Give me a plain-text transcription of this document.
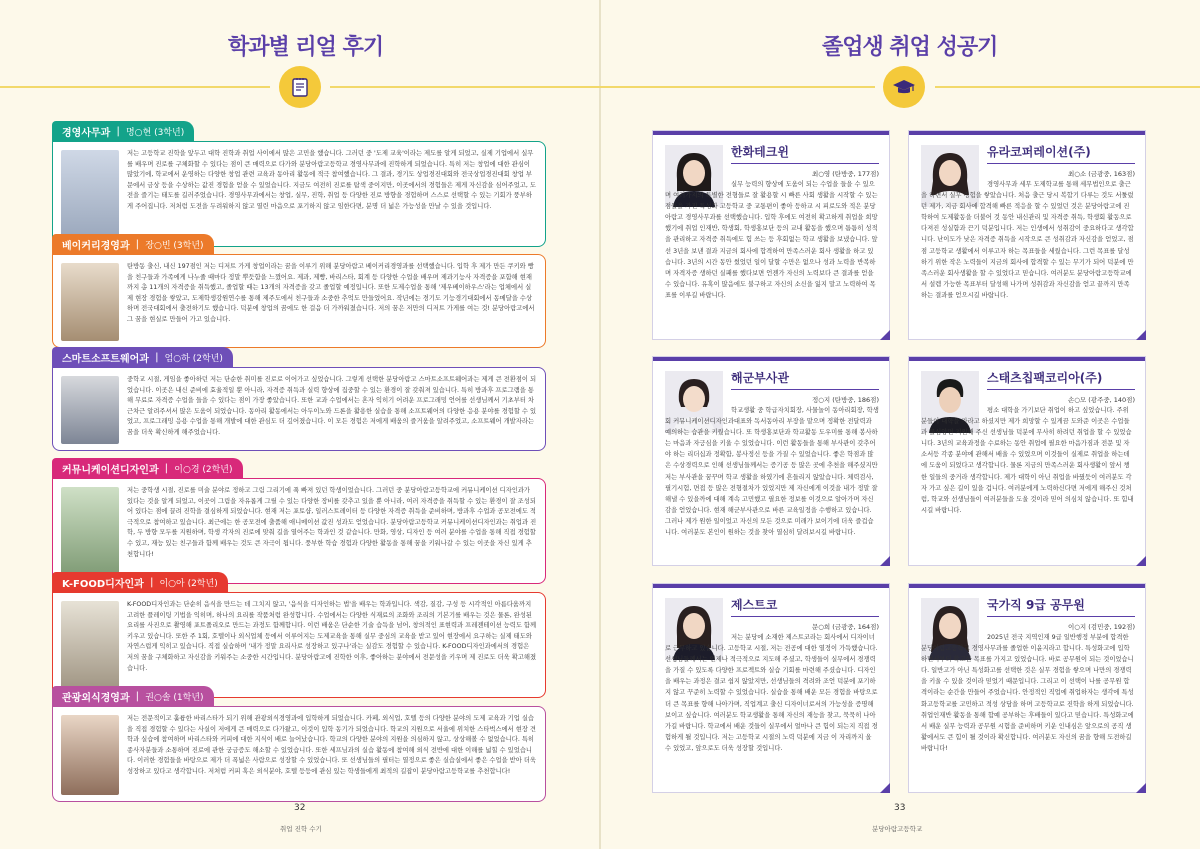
학과별 리얼 후기
경영사무과 | 명○현 (3학년)
저는 고등학교 진학을 앞두고 대학 진학과 취업 사이에서 많은 고민을 했습니다. 그러던 중 '도제 교육'이라는 제도를 알게 되었고, 실제 기업에서 실무를 배우며 진로를 구체화할 수 있다는 점이 큰 매력으로 다가와 분당아람고등학교 경영사무과에 진학하게 되었습니다. 특히 저는 창업에 대한 관심이 많았기에, 학교에서 운영하는 다양한 창업 관련 교육과 동아리 활동에 적극 참여했습니다. 그 결과, 경기도 상업경진대회와 전국상업경진대회 창업 부문에서 금상 등을 수상하는 값진 경험을 얻을 수 있었습니다. 지금도 여전히 진로를 탐색 중이지만, 이곳에서의 경험들은 제게 자신감을 심어주었고, 도전을 즐기는 태도를 길러주었습니다. 경영사무과에서는 창업, 실무, 진학, 취업 등 다양한 진로 방향을 경험하며 스스로 선택할 수 있는 기회가 풍부하게 주어집니다. 저처럼 도전을 두려워하지 않고 열린 마음으로 포기하지 않고 임한다면, 분명 더 넓은 가능성을 만날 수 있을 것입니다.
베이커리경영과 | 장○빈 (3학년)
탄방동 출신, 내신 197점인 저는 디저트 가게 창업이라는 꿈을 이루기 위해 분당아람고 베이커리경영과를 선택했습니다. 입학 후 제가 만든 쿠키와 빵을 친구들과 가족에게 나누줄 때마다 정말 뿌듯함을 느꼈어요. 제과, 제빵, 바리스타, 회계 등 다양한 수업을 배우며 제과기능사 자격증을 포함해 현재까지 총 11개의 자격증을 취득했고, 졸업할 때는 13개의 자격증을 갖고 졸업할 예정입니다. 또한 도제수업을 통해 '제우베이하우스'라는 업체에서 실제 현장 경험을 쌓았고, 도제학생강원연수를 통해 제주도에서 친구들과 소중한 추억도 만들었어요. 작년에는 경기도 기능경기대회에서 동메달을 수상하며 전국대회에서 출전하기도 했습니다. 덕분에 창업의 꿈에도 한 걸음 더 가까워졌습니다. 저의 꿈은 저만의 디저트 가게를 여는 것! 분당아람고에서 그 꿈을 현실로 만들어 가고 있습니다.
스마트소프트웨어과 | 엄○하 (2학년)
중학교 시절, 게임을 좋아하던 저는 단순한 취미를 진로로 이어가고 싶었습니다. 그렇게 선택한 분당아람고 스마트소프트웨어과는 제게 큰 전환점이 되었습니다. 이곳은 내신 준비에 효율적일 뿐 아니라, 자격증 취득과 실력 향상에 집중할 수 있는 환경이 잘 갖춰져 있습니다. 특히 방과후 프로그램을 통해 무료로 자격증 수업을 들을 수 있다는 점이 가장 좋았습니다. 또한 교과 수업에서는 혼자 익히기 어려운 프로그래밍 언어를 선생님께서 기초부터 차근차근 알려주셔서 많은 도움이 되었습니다. 동아리 활동에서는 아두이노와 드론을 활용한 실습을 통해 소프트웨어의 다양한 응용 분야를 경험할 수 있었고, 프로그래밍 응용 수업을 통해 개발에 대한 관심도 더 깊어졌습니다. 이 모든 경험은 저에게 배움의 즐거움을 알려주었고, 소프트웨어 개발자라는 꿈을 더욱 확신하게 해주었습니다.
커뮤니케이션디자인과 | 이○경 (2학년)
저는 중학생 시절, 진로를 미술 분야로 정하고 그림 그리기에 푹 빠져 있던 학생이었습니다. 그러던 중 분당아람고등학교에 커뮤니케이션 디자인과가 있다는 것을 알게 되었고, 이곳이 그림을 자유롭게 그릴 수 있는 다양한 장비를 갖추고 있을 뿐 아니라, 여러 자격증을 취득할 수 있는 환경이 잘 조성되어 있다는 점에 끌려 진학을 결심하게 되었습니다. 현재 저는 포토샵, 일러스트레이터 등 다양한 자격증 취득을 준비하며, 방과후 수업과 공모전에도 적극적으로 참여하고 있습니다. 최근에는 한 공모전에 출품해 애니메이션 값진 성과도 얻었습니다. 분당아람고등학교 커뮤니케이션디자인과는 취업과 진학, 두 방향 모두를 지원하며, 학생 각자의 진로에 맞춰 길을 열어주는 학과인 것 같습니다. 만화, 영상, 디자인 등 여러 분야를 수업을 통해 직접 경험할 수 있고, 재능 있는 친구들과 함께 배우는 것도 큰 자극이 됩니다. 풍부한 학습 경험과 다양한 활동을 통해 꿈을 키워나갈 수 있는 이곳을 자신 있게 추천합니다!
K-FOOD디자인과 | 이○아 (2학년)
K-FOOD디자인과는 단순히 음식을 만드는 데 그치지 않고, '음식을 디자인하는 법'을 배우는 학과입니다. 색감, 질감, 구성 등 시각적인 아름다움까지 고려한 플레이팅 기법을 익히며, 하나의 요리를 작품처럼 완성합니다. 수업에서는 다양한 식재료의 조화와 조리의 기본기를 배우는 것은 물론, 완성된 요리를 사진으로 촬영해 포트폴리오로 만드는 과정도 함께합니다. 이런 배움은 단순한 기술 습득을 넘어, 창의적인 표현력과 프레젠테이션 능력도 함께 키우고 있습니다. 또한 주 1회, 호텔이나 외식업체 등에서 이루어지는 도제교육을 통해 실무 중심의 교육을 받고 있어 현장에서 요구하는 실제 태도와 자연스럽게 익히고 있습니다. 직접 실습하며 '내가 정말 요리사로 성장하고 있구나'라는 실감도 경험할 수 있습니다. K-FOOD디자인과에서의 경험은 저의 꿈을 구체화하고 자신감을 키워주는 소중한 시간입니다. 분당아람고에 진학한 이후, 좋아하는 분야에서 전문성을 키우며 제 진로도 더욱 확고해졌습니다.
관광외식경영과 | 권○솔 (1학년)
저는 전문적이고 훌륭한 바리스타가 되기 위해 관광외식경영과에 입학하게 되었습니다. 카페, 외식업, 호텔 등의 다양한 분야의 도제 교육과 기업 실습을 직접 경험할 수 있다는 사실이 저에게 큰 매력으로 다가왔고, 이것이 입학 동기가 되었습니다. 학교의 지원으로 서울에 위치한 스타벅스에서 현장 견학과 실습에 참여하며 바리스타와 커피에 대한 지식이 배로 늘어났습니다. 학교의 다양한 분야의 지원을 의심하지 않고, 상상해볼 수 없었습니다. 특히 종사자분들과 소통하며 진로에 관한 궁금증도 해소할 수 있었습니다. 또한 세프님과의 실습 활동에 참여해 외식 전반에 대한 이해를 넓힐 수 있었습니다. 이러한 경험들을 바탕으로 제가 더 폭넓은 사람으로 성장할 수 있었습니다. 또 선생님들의 필터는 열정으로 좋은 실습실에서 좋은 수업을 받아 더욱 성장하고 있다고 생각합니다. 저처럼 커피 혹은 외식분야, 호텔 등등에 관심 있는 학생들에게 최적의 길잡이 분당아람고등학교를 추천합니다!
32
취업 진학 수기
졸업생 취업 성공기
한화테크윈
최○영 (탄방중, 177점)
실무 능력의 향상에 도움이 되는 수업을 들을 수 있으며 여러가지의 특별한 전형들로 잘 활용할 시 빠른 사회 생활을 시작할 수 있는 점들을 가진 특성화 고등학교 중 교통편이 좋아 등하교 시 피로도와 적은 분당아람고 경영사무과를 선택했습니다. 입학 후에도 여전히 확고하게 취업을 희망했기에 취업 인재반, 학생회, 학생홍보단 등의 교내 활동을 했으며 틈틈히 성적을 관리하고 자격증 취득에도 힘 쓰는 등 후회없는 학교 생활을 보냈습니다. 앞선 3년을 보낸 결과 지금의 회사에 합격하여 만족스러운 회사 생활을 하고 있습니다. 3년의 시간 동안 썼었던 일이 달할 수만은 없으나 성과 노력을 반복하며 자격자증 생하던 실패를 했다보면 언젠가 자신의 노력보다 큰 결과를 얻을 수 있습니다. 유혹이 많음에도 불구하고 자신의 소신을 잃지 말고 노력하여 목표를 이루길 바랍니다.
유라코퍼레이션(주)
최○소 (금광중, 163점)
경영사무과 세무 도제학교를 통해 세무법인으로 출근을 하면서 실무 경험을 쌓았습니다. 처음 출근 당시 복합기 다루는 것도 서툴렀던 제가, 지금 회사에 합격해 빠른 적응을 할 수 있었던 것은 분당아람고에 진학하여 도제활동을 더불어 것 동안 내신관리 및 자격증 취득, 학생회 활동으로 다져진 성실함과 끈기 덕분입니다. 저는 인생에서 성취감이 중요하다고 생각합니다. 난이도가 낮은 자격증 취득을 시작으로 큰 성취감과 자신감을 얻었고, 점점 고등학교 생활에서 이루고자 하는 목표들을 세웠습니다. 그런 목표를 달성하기 위한 작은 노력들이 지금의 회사에 합격할 수 있는 무기가 되어 덕분에 만족스러운 회사생활을 할 수 있었다고 믿습니다. 여러분도 분당아람고등학교에서 설렘 가능한 목표부터 달성해 나가며 성취감과 자신감을 얻고 끝까지 만족하는 결과를 얻으시길 바랍니다.
해군부사관
정○지 (탄방중, 186점)
학교생활 중 학급자치회장, 사물놀이 동아리회장, 학생회 커뮤니케이션디자인과대표와 독서동아리 부장을 맡으며 정확한 전달력과 예의하는 습관을 키웠습니다. 또 학생홍보단과 학교활동 도우미를 통해 봉사하는 마음과 자긍심을 키울 수 있었습니다. 이런 활동들을 통해 부사관이 갖추어야 하는 리더십과 정확함, 봉사정신 등을 가질 수 있었습니다. 좋은 학점과 많은 수상경력으로 인해 선생님들께서는 증기공 등 많은 곳에 추천을 해주셨지만 저는 부사관을 꿈꾸며 학교 생활을 하였기에 흔들리지 않았습니다. 체력검사, 필기시험, 면접 등 많은 전형절차가 있었지만 제 자신에게 이것을 내가 정말 잘해낼 수 있을까에 대해 계속 고민했고 필요한 정보를 이것으로 알아가며 자신감을 얻었습니다. 현재 해군부사관으로 바른 교육일정을 수행하고 있습니다. 그러나 제가 원한 일이었고 자신의 모든 것으로 미래가 보이기에 더욱 즐겁습니다. 여러분도 본인이 원하는 것을 찾아 열심히 달려보시길 바랍니다.
스태츠칩팩코리아(주)
손○모 (광주중, 140점)
평소 대학을 가기보단 취업이 하고 싶었습니다. 주위 분들이 대학을 가라고 하셨지만 제가 희망할 수 있게끔 도와준 이곳은 수업들과 물심양면 지원해 주신 선생님들 덕분에 무사히 하려던 취업을 할 수 있었습니다. 3년의 교육과정을 수료하는 동안 취업에 필요한 마음가짐과 전문 및 자소서등 각종 분야에 관해서 배울 수 있었으며 이것들이 실제로 취업을 하는데에 도움이 되었다고 생각합니다. 물론 지금의 만족스러운 회사생활이 앞서 챙한 일들의 중거라 생각합니다. 제가 대학이 아닌 취업을 바꿨듯이 여러분도 각자 가고 싶은 길이 있을 겁니다. 여러분에게 노력하신다면 저에게 해주신 것처럼, 학교와 선생님들이 여러분들을 도울 것이라 믿어 의심치 않습니다. 또 힘내시길 바랍니다.
제스트코
문○희 (금광중, 164점)
저는 분당에 소재한 제스트코라는 회사에서 디자이너로 근무하고 있습니다. 고등학교 시절, 저는 전공에 대한 열정이 가득했습니다. 선생님들께서는 언제나 적극적으로 지도해 주셨고, 학생들이 실무에서 경쟁력을 가질 수 있도록 다양한 프로젝트와 실습 기회를 마련해 주셨습니다. 디자인을 배우는 과정은 결코 쉽지 않았지만, 선생님들의 격려와 조언 덕분에 포기하지 않고 꾸준히 노력할 수 있었습니다. 실습을 통해 배운 모든 경험을 바탕으로 더 큰 목표를 향해 나아가며, 직업계고 출신 디자이너로서의 가능성을 증명해 보이고 싶습니다. 여러분도 학교생활을 통해 자신의 재능을 찾고, 묵묵히 나아가길 바랍니다. 학교에서 배운 것들이 실무에서 얼마나 큰 힘이 되는지 직접 경험하게 될 것입니다. 저는 고등학교 시절의 노력 덕분에 지금 이 자리까지 올 수 있었고, 앞으로도 더욱 성장할 것입니다.
국가직 9급 공무원
이○지 (검민중, 192점)
2025년 전국 지역인재 9급 일반행정 부분에 합격한 분당아람고등학교 경영사무과를 졸업한 이윤지라고 합니다. 특성화고에 입학하면서부터 확고한 목표를 가지고 있었습니다. 바로 공무원이 되는 것이었습니다. 일반고가 아닌 특성화고를 선택한 것은 실무 경험을 쌓으며 나만의 경쟁력을 키울 수 있을 것이라 믿었기 때문입니다. 그리고 이 선택이 나를 공무원 합격이라는 순간을 만들어 주었습니다. 안정적인 직업에 취업하자는 생각에 특성화고등학교를 고민하고 적성 상담을 하며 고등학교로 진학을 하게 되었습니다. 취업인재반 활동을 통해 합예 공부하는 후배들이 있다고 믿습니다. 특성화고에서 배운 실무 능력과 공무원 시험을 준비하며 키운 인내심은 앞으로의 공직 생활에서도 큰 힘이 될 것이라 확신합니다. 여러분도 자신의 꿈을 향해 도전하길 바랍니다!
33
분당아람고등학교
